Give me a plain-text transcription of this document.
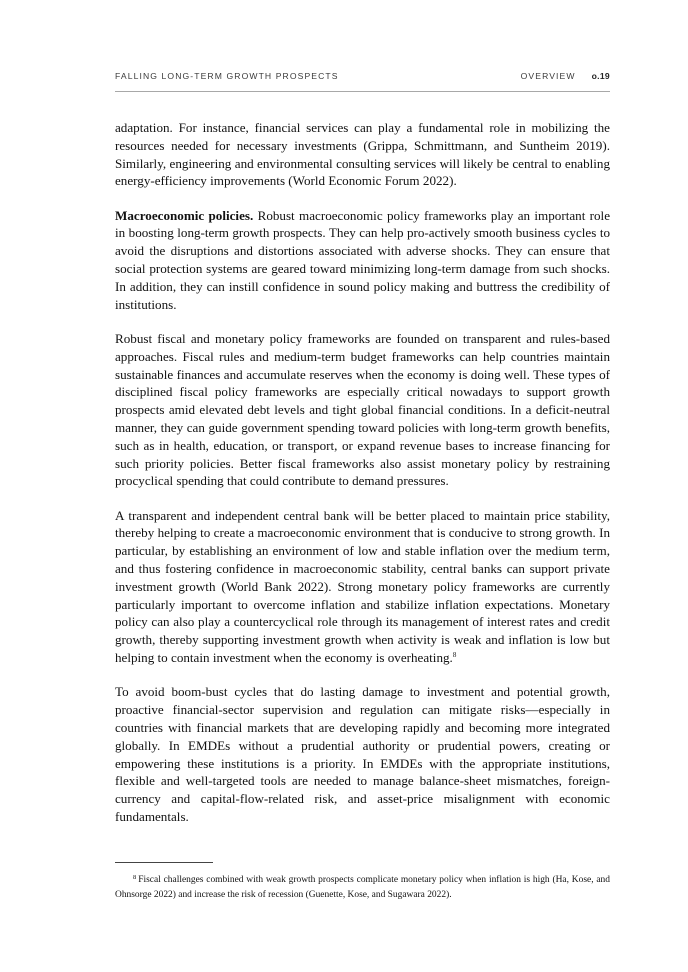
FALLING LONG-TERM GROWTH PROSPECTS	OVERVIEW o.19

adaptation. For instance, financial services can play a fundamental role in mobilizing the resources needed for necessary investments (Grippa, Schmittmann, and Suntheim 2019). Similarly, engineering and environmental consulting services will likely be central to enabling energy-efficiency improvements (World Economic Forum 2022).

Macroeconomic policies. Robust macroeconomic policy frameworks play an important role in boosting long-term growth prospects. They can help pro-actively smooth business cycles to avoid the disruptions and distortions associated with adverse shocks. They can ensure that social protection systems are geared toward minimizing long-term damage from such shocks. In addition, they can instill confidence in sound policy making and buttress the credibility of institutions.

Robust fiscal and monetary policy frameworks are founded on transparent and rules-based approaches. Fiscal rules and medium-term budget frameworks can help countries maintain sustainable finances and accumulate reserves when the economy is doing well. These types of disciplined fiscal policy frameworks are especially critical nowadays to support growth prospects amid elevated debt levels and tight global financial conditions. In a deficit-neutral manner, they can guide government spending toward policies with long-term growth benefits, such as in health, education, or transport, or expand revenue bases to increase financing for such priority policies. Better fiscal frameworks also assist monetary policy by restraining procyclical spending that could contribute to demand pressures.

A transparent and independent central bank will be better placed to maintain price stability, thereby helping to create a macroeconomic environment that is conducive to strong growth. In particular, by establishing an environment of low and stable inflation over the medium term, and thus fostering confidence in macroeconomic stability, central banks can support private investment growth (World Bank 2022). Strong monetary policy frameworks are currently particularly important to overcome inflation and stabilize inflation expectations. Monetary policy can also play a countercyclical role through its management of interest rates and credit growth, thereby supporting investment growth when activity is weak and inflation is low but helping to contain investment when the economy is overheating.$^8$

To avoid boom-bust cycles that do lasting damage to investment and potential growth, proactive financial-sector supervision and regulation can mitigate risks—especially in countries with financial markets that are developing rapidly and becoming more integrated globally. In EMDEs without a prudential authority or prudential powers, creating or empowering these institutions is a priority. In EMDEs with the appropriate institutions, flexible and well-targeted tools are needed to manage balance-sheet mismatches, foreign-currency and capital-flow-related risk, and asset-price misalignment with economic fundamentals.

$^8$ Fiscal challenges combined with weak growth prospects complicate monetary policy when inflation is high (Ha, Kose, and Ohnsorge 2022) and increase the risk of recession (Guenette, Kose, and Sugawara 2022).
